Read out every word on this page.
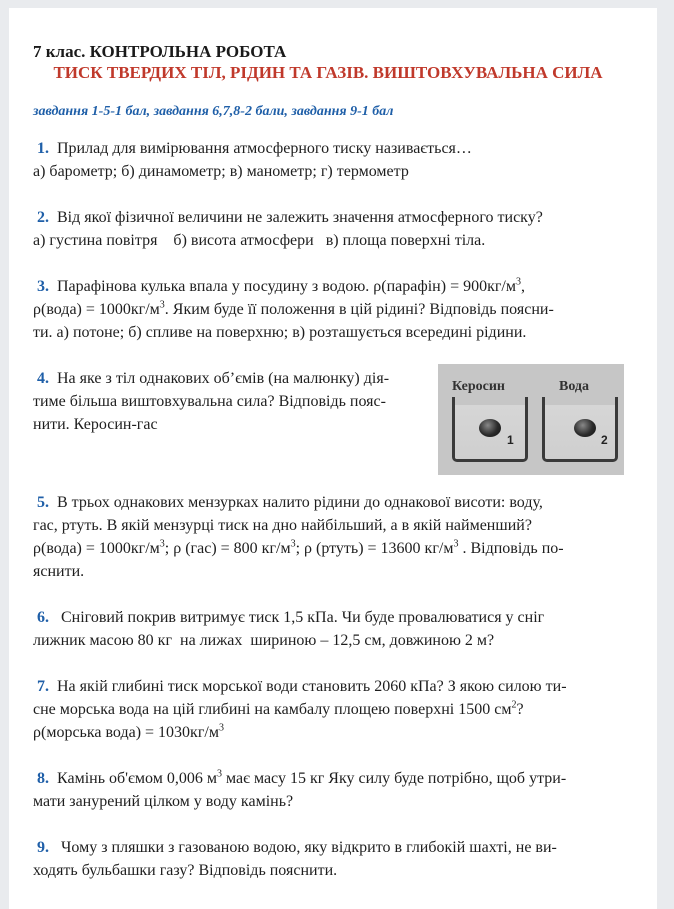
7 клас. КОНТРОЛЬНА РОБОТА
ТИСК ТВЕРДИХ ТІЛ, РІДИН ТА ГАЗІВ. ВИШТОВХУВАЛЬНА СИЛА
завдання 1-5-1 бал, завдання 6,7,8-2 бали, завдання 9-1 бал

1. Прилад для вимірювання атмосферного тиску називається…

а) барометр; б) динамометр; в) манометр; г) термометр

2. Від якої фізичної величини не залежить значення атмосферного тиску?

а) густина повітря    б) висота атмосфери   в) площа поверхні тіла.

3. Парафінова кулька впала у посудину з водою. ρ(парафін) = $900кг/м^3$,

ρ(вода) = $1000кг/м^3$. Яким буде її положення в цій рідині? Відповідь поясни-

ти. а) потоне; б) спливе на поверхню; в) розташується всередині рідини.

4. На яке з тіл однакових об’ємів (на малюнку) дія-

тиме більша виштовхувальна сила? Відповідь пояс-

нити. Керосин-гас

Керосин	Вода
1	2

5. В трьох однакових мензурках налито рідини до однакової висоти: воду,

гас, ртуть. В якій мензурці тиск на дно найбільший, а в якій найменший?

ρ(вода) = $1000кг/м^3$; ρ (гас) = 800 $кг/м^3$; ρ (ртуть) = 13600 $кг/м^3$ . Відповідь по-

яснити.

6. Сніговий покрив витримує тиск 1,5 кПа. Чи буде провалюватися у сніг

лижник масою 80 кг  на лижах  шириною – 12,5 см, довжиною 2 м?

7. На якій глибині тиск морської води становить 2060 кПа? З якою силою ти-

сне морська вода на цій глибині на камбалу площею поверхні 1500 $см^2$?

ρ(морська вода) = $1030кг/м^3$

8. Камінь об'ємом 0,006 $м^3$ має масу 15 кг Яку силу буде потрібно, щоб утри-

мати занурений цілком у воду камінь?

9. Чому з пляшки з газованою водою, яку відкрито в глибокій шахті, не ви-

ходять бульбашки газу? Відповідь пояснити.
